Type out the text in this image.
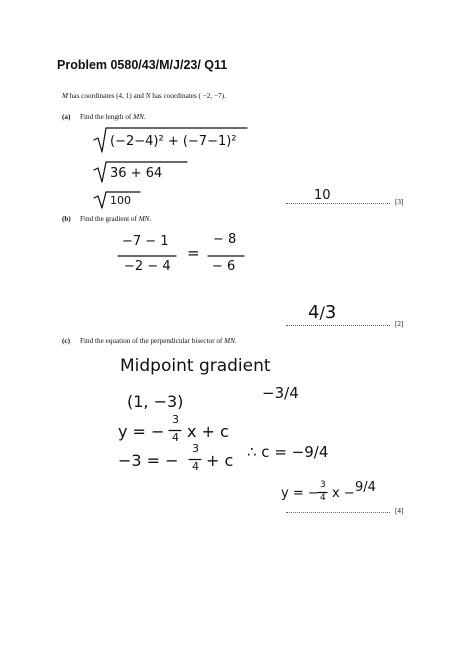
Problem 0580/43/M/J/23/ Q11
M has coordinates (4, 1) and N has coordinates ( −2, −7).
(a) Find the length of MN.
(−2−4)² + (−7−1)²
36 + 64
100	10	[3]
(b) Find the gradient of MN.
−7 − 1
−2 − 4
=
− 8
− 6
4/3
[2]
(c) Find the equation of the perpendicular bisector of MN.
Midpoint gradient
−3/4
(1, −3)
y = −
3
4 x + c
−3 = −
3
4 + c ∴ c = −9/4
y = −
3
4 x − 9/4
[4]
